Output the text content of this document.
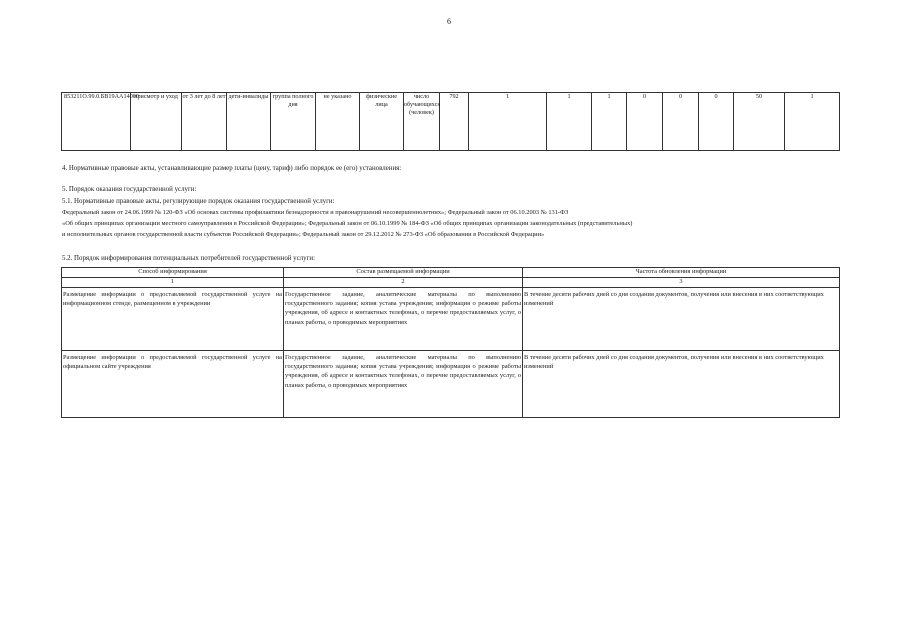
6
853211О.99.0.БВ19АА14000	присмотр и уход	от 3 лет до 8 лет	дети-инвалиды	группа полного дня	не указано	физические лица	число обучающихся (человек)	792	1	1	1	0	0	0	50	1
4. Нормативные правовые акты, устанавливающие размер платы (цену, тариф) либо порядок ее (его) установления:
5. Порядок оказания государственной услуги:
5.1. Нормативные правовые акты, регулирующие порядок оказания государственной услуги:
Федеральный закон от 24.06.1999 № 120-ФЗ «Об основах системы профилактики безнадзорности и правонарушений несовершеннолетних»; Федеральный закон от 06.10.2003 № 131-ФЗ
«Об общих принципах организации местного самоуправления в Российской Федерации»; Федеральный закон от 06.10.1999 № 184-ФЗ «Об общих принципах организации законодательных (представительных)
и исполнительных органов государственной власти субъектов Российской Федерации»; Федеральный закон от 29.12.2012 № 273-ФЗ «Об образовании в Российской Федерации»
5.2. Порядок информирования потенциальных потребителей государственной услуги:
Способ информирования	Состав размещаемой информации	Частота обновления информации
1	2	3
Размещение информации о предоставляемой государственной услуге на информационном стенде, размещенном в учреждении	Государственное задание, аналитические материалы по выполнению государственного задания; копия устава учреждения; информация о режиме работы учреждения, об адресе и контактных телефонах, о перечне предоставляемых услуг, о планах работы, о проводимых мероприятиях	В течение десяти рабочих дней со дня создания документов, получения или внесения в них соответствующих изменений
Размещение информации о предоставляемой государственной услуге на официальном сайте учреждения	Государственное задание, аналитические материалы по выполнению государственного задания; копия устава учреждения; информация о режиме работы учреждения, об адресе и контактных телефонах, о перечне предоставляемых услуг, о планах работы, о проводимых мероприятиях	В течение десяти рабочих дней со дня создания документов, получения или внесения в них соответствующих изменений
